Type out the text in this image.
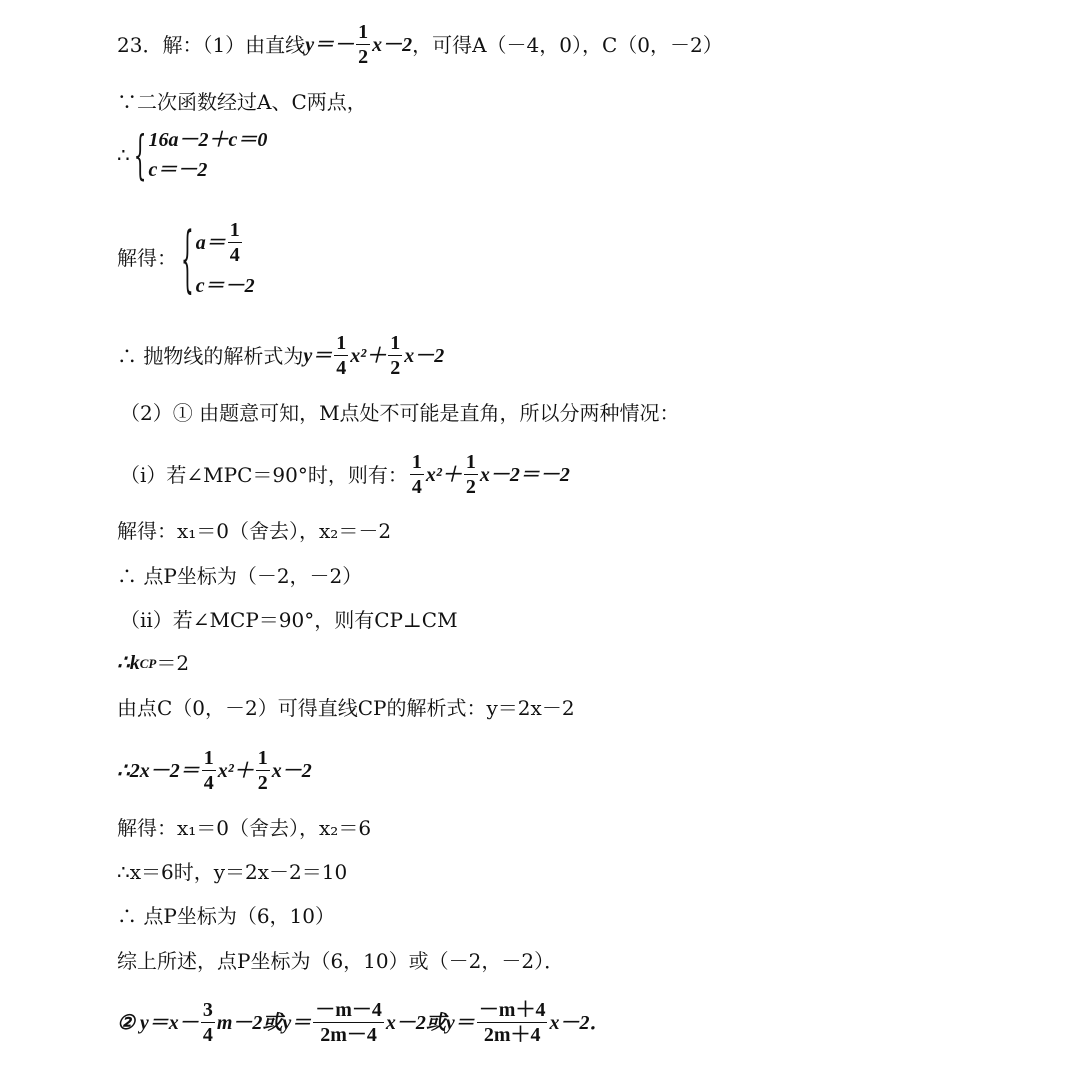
23．解：（1）由直线 $y=- \frac{1}{2} x-2$ ，可得A（－4，0），C（0，－2）
∵二次函数经过A、C两点，
∴ { 16a－2＋c＝0
c＝－2
解得： { $a= \frac{1}{4}$
c＝－2
∴ 抛物线的解析式为 $y= \frac{1}{4} x^2+ \frac{1}{2} x-2$
（2）① 由题意可知，M点处不可能是直角，所以分两种情况：
（i）若∠MPC＝90°时，则有： $\frac{1}{4} x^2+ \frac{1}{2} x-2=-2$
解得：x₁＝0（舍去），x₂＝－2
∴ 点P坐标为（－2，－2）
（ii）若∠MCP＝90°，则有CP⊥CM
∴k CP ＝2
由点C（0，－2）可得直线CP的解析式：y＝2x－2
∴2x－2＝ $\frac{1}{4} x^2+ \frac{1}{2} x-2$
解得：x₁＝0（舍去），x₂＝6
∴x＝6时，y＝2x－2＝10
∴ 点P坐标为（6，10）
综上所述，点P坐标为（6，10）或（－2，－2）．
② $y=x- \frac{3}{4} m-2$或$y= \frac{-m-4}{2m-4} x-2$或$y= \frac{-m+4}{2m+4} x-2$．
